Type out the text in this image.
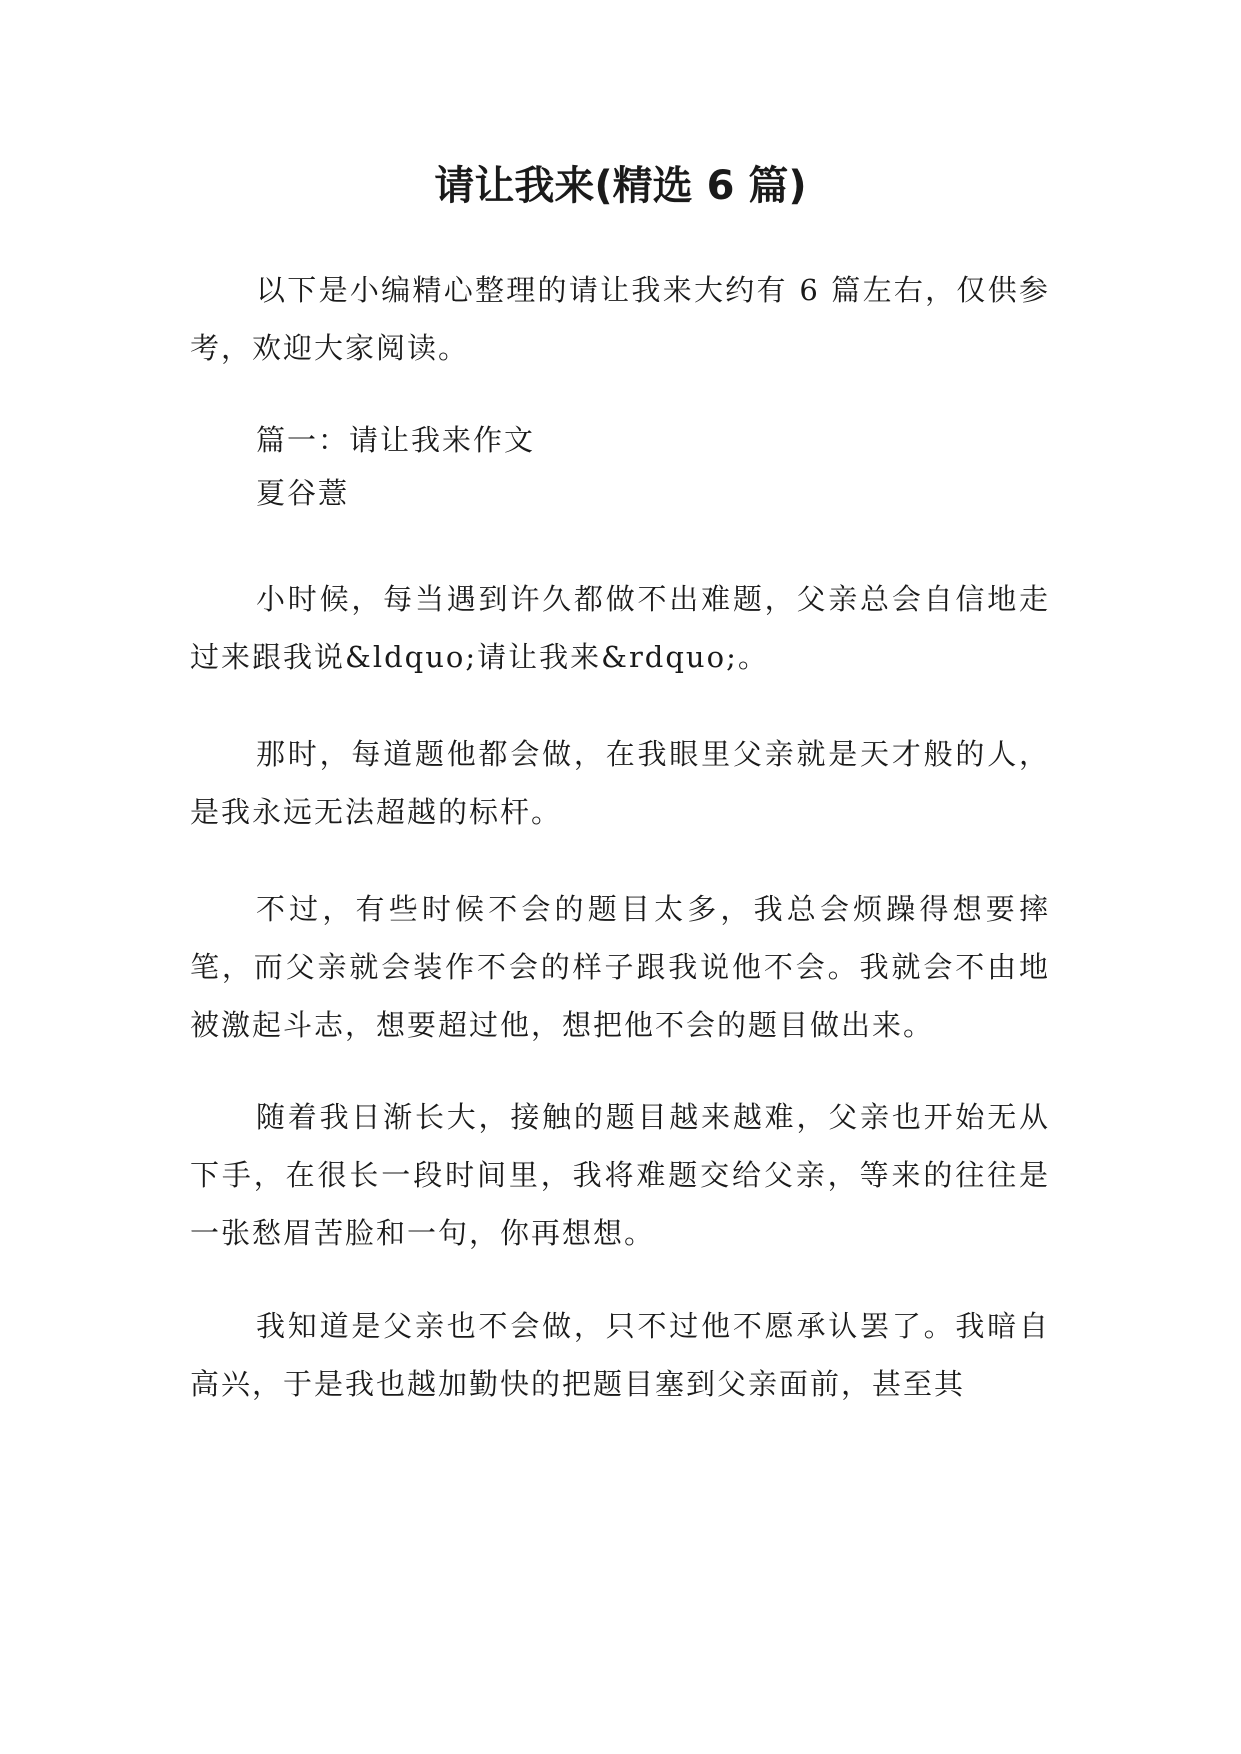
请让我来(精选 6 篇)

以下是小编精心整理的请让我来大约有 6 篇左右，仅供参考，欢迎大家阅读。

篇一：请让我来作文

夏谷薏

小时候，每当遇到许久都做不出难题，父亲总会自信地走过来跟我说&ldquo;请让我来&rdquo;。

那时，每道题他都会做，在我眼里父亲就是天才般的人，是我永远无法超越的标杆。

不过，有些时候不会的题目太多，我总会烦躁得想要摔笔，而父亲就会装作不会的样子跟我说他不会。我就会不由地被激起斗志，想要超过他，想把他不会的题目做出来。

随着我日渐长大，接触的题目越来越难，父亲也开始无从下手，在很长一段时间里，我将难题交给父亲，等来的往往是一张愁眉苦脸和一句，你再想想。

我知道是父亲也不会做，只不过他不愿承认罢了。我暗自高兴，于是我也越加勤快的把题目塞到父亲面前，甚至其
